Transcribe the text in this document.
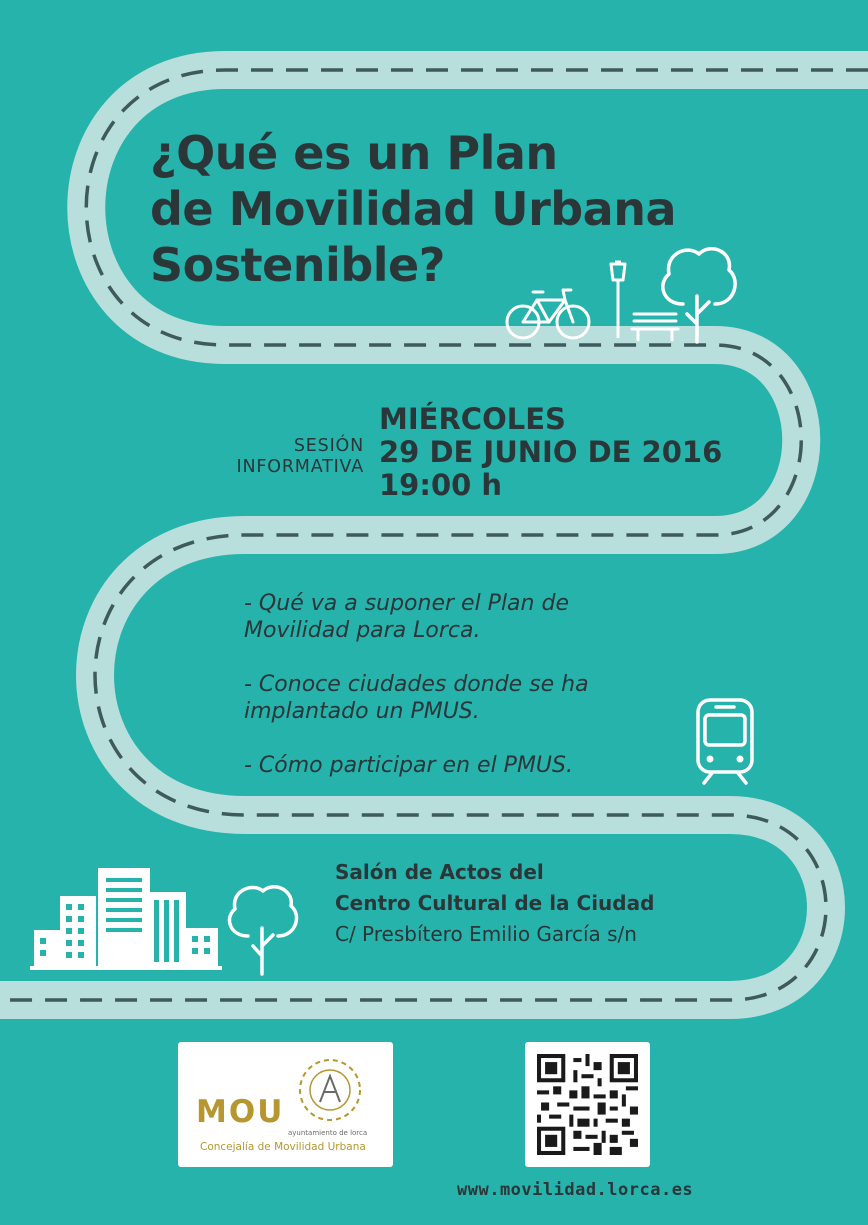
¿Qué es un Plan
de Movilidad Urbana
Sostenible?
SESIÓN
INFORMATIVA
MIÉRCOLES
29 DE JUNIO DE 2016
19:00 h
- Qué va a suponer el Plan de
Movilidad para Lorca.
- Conoce ciudades donde se ha
implantado un PMUS.
- Cómo participar en el PMUS.
Salón de Actos del
Centro Cultural de la Ciudad
C/ Presbítero Emilio García s/n
MOU
ayuntamiento de lorca
Concejalía de Movilidad Urbana
www.movilidad.lorca.es
